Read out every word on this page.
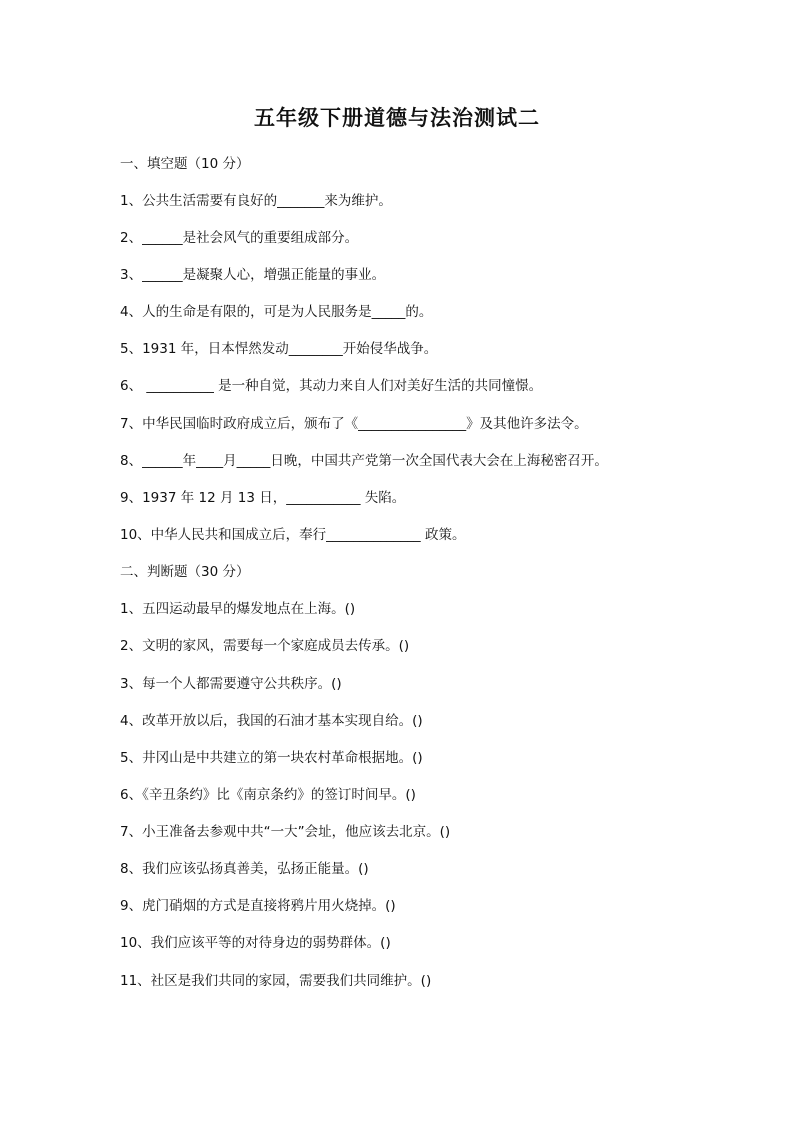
五年级下册道德与法治测试二
一、填空题（10 分）
1、公共生活需要有良好的_______来为维护。
2、______是社会风气的重要组成部分。
3、______是凝聚人心，增强正能量的事业。
4、人的生命是有限的，可是为人民服务是_____的。
5、1931 年，日本悍然发动________开始侵华战争。
6、 __________ 是一种自觉，其动力来自人们对美好生活的共同憧憬。
7、中华民国临时政府成立后，颁布了《________________》及其他许多法令。
8、______年____月_____日晚，中国共产党第一次全国代表大会在上海秘密召开。
9、1937 年 12 月 13 日，___________ 失陷。
10、中华人民共和国成立后，奉行______________ 政策。
二、判断题（30 分）
1、五四运动最早的爆发地点在上海。()
2、文明的家风，需要每一个家庭成员去传承。()
3、每一个人都需要遵守公共秩序。()
4、改革开放以后，我国的石油才基本实现自给。()
5、井冈山是中共建立的第一块农村革命根据地。()
6、《辛丑条约》比《南京条约》的签订时间早。()
7、小王准备去参观中共“一大”会址，他应该去北京。()
8、我们应该弘扬真善美，弘扬正能量。()
9、虎门硝烟的方式是直接将鸦片用火烧掉。()
10、我们应该平等的对待身边的弱势群体。()
11、社区是我们共同的家园，需要我们共同维护。()
